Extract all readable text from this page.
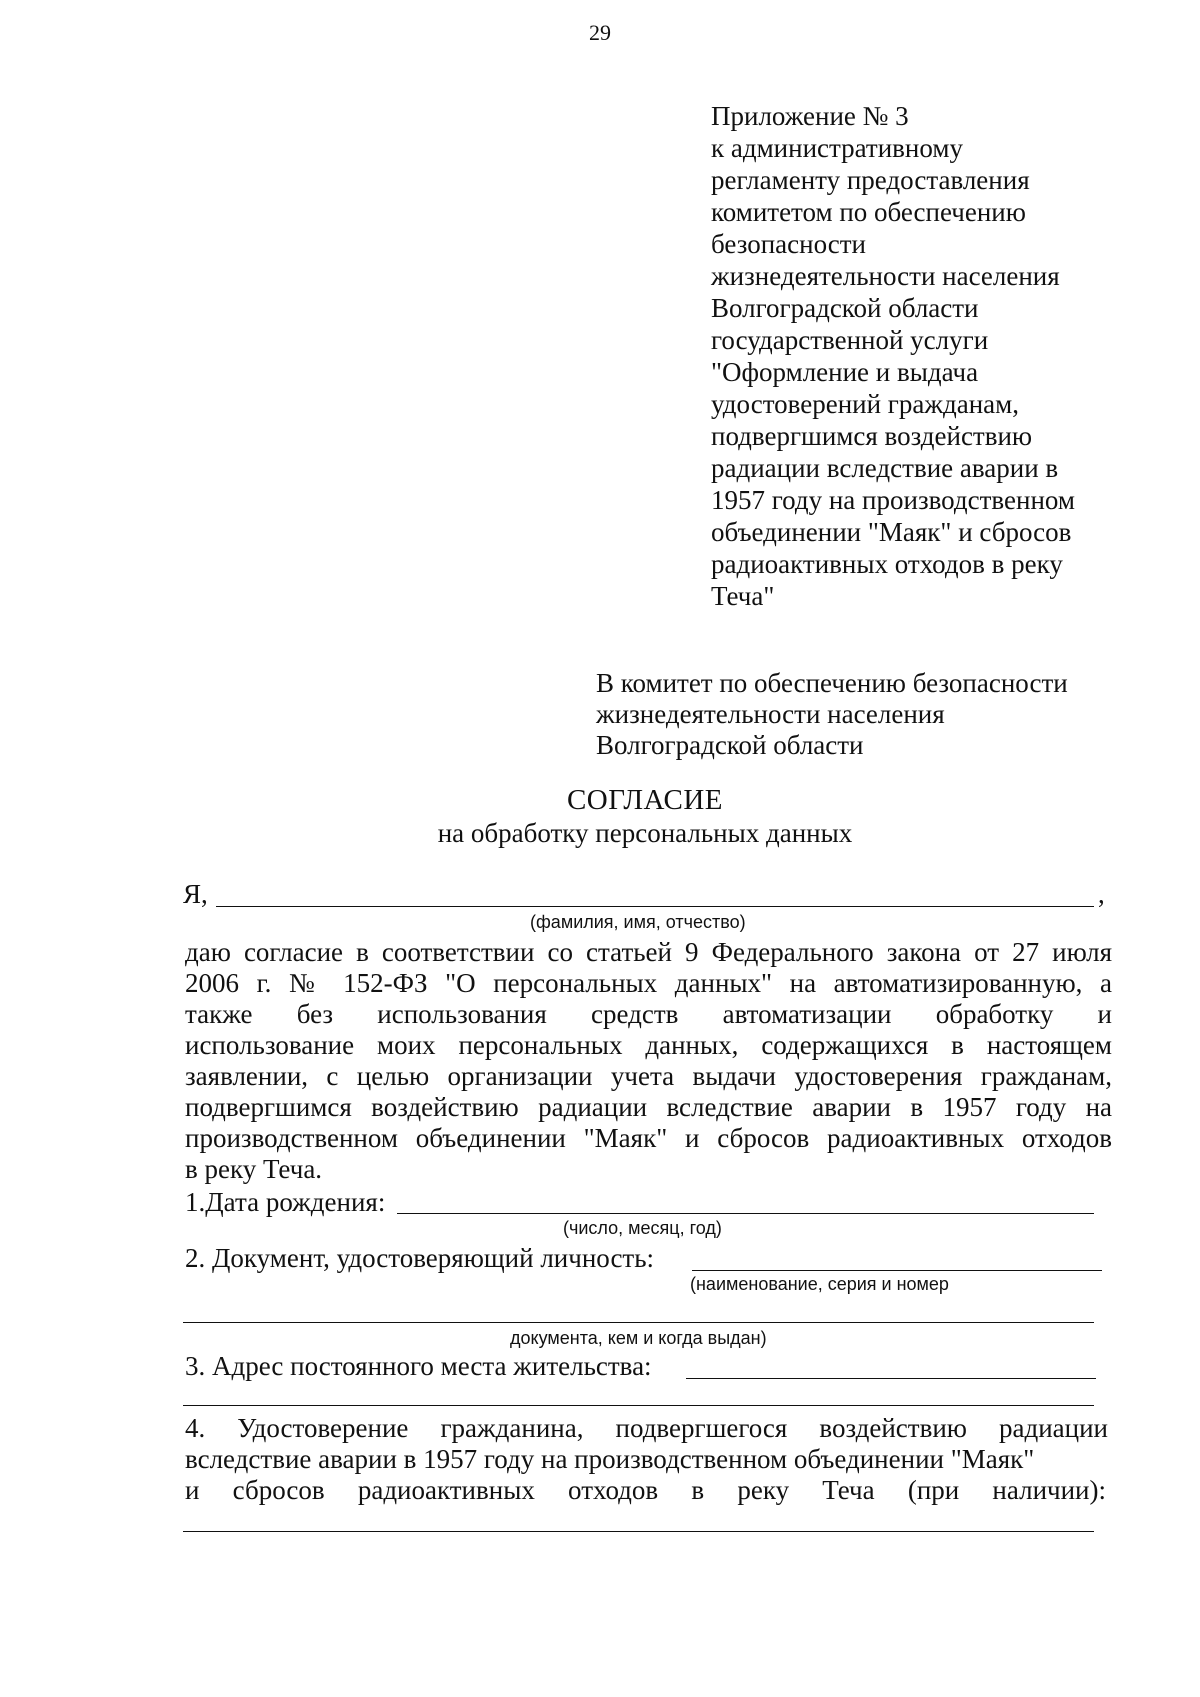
29
Приложение № 3
к административному
регламенту предоставления
комитетом по обеспечению
безопасности
жизнедеятельности населения
Волгоградской области
государственной услуги
"Оформление и выдача
удостоверений гражданам,
подвергшимся воздействию
радиации вследствие аварии в
1957 году на производственном
объединении "Маяк" и сбросов
радиоактивных отходов в реку
Теча"
В комитет по обеспечению безопасности
жизнедеятельности населения
Волгоградской области
СОГЛАСИЕ
на обработку персональных данных
Я,	,
(фамилия, имя, отчество)
даю согласие в соответствии со статьей 9 Федерального закона от 27 июля
2006 г. № 152-ФЗ "О персональных данных" на автоматизированную, а
также без использования средств автоматизации обработку и
использование моих персональных данных, содержащихся в настоящем
заявлении, с целью организации учета выдачи удостоверения гражданам,
подвергшимся воздействию радиации вследствие аварии в 1957 году на
производственном объединении "Маяк" и сбросов радиоактивных отходов
в реку Теча.
1.Дата рождения:
(число, месяц, год)
2. Документ, удостоверяющий личность:
(наименование, серия и номер
документа, кем и когда выдан)
3. Адрес постоянного места жительства:
4. Удостоверение гражданина, подвергшегося воздействию радиации
вследствие аварии в 1957 году на производственном объединении "Маяк"
и сбросов радиоактивных отходов в реку Теча (при наличии):
